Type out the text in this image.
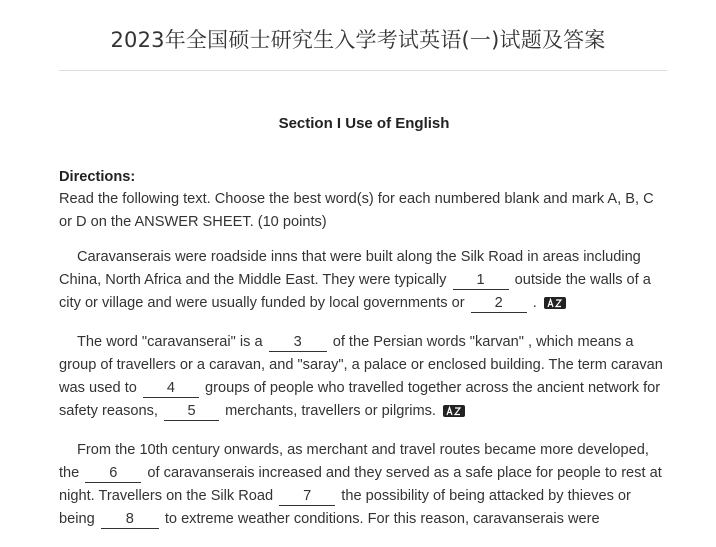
2023年全国硕士研究生入学考试英语(一)试题及答案
Section I Use of English
Directions:

Read the following text. Choose the best word(s) for each numbered blank and mark A, B, C or D on the ANSWER SHEET. (10 points)

Caravanserais were roadside inns that were built along the Silk Road in areas including China, North Africa and the Middle East. They were typically 1 outside the walls of a city or village and were usually funded by local governments or 2 .

The word "caravanserai" is a 3 of the Persian words "karvan" , which means a group of travellers or a caravan, and "saray", a palace or enclosed building. The term caravan was used to 4 groups of people who travelled together across the ancient network for safety reasons, 5 merchants, travellers or pilgrims.

From the 10th century onwards, as merchant and travel routes became more developed, the 6 of caravanserais increased and they served as a safe place for people to rest at night. Travellers on the Silk Road 7 the possibility of being attacked by thieves or being 8 to extreme weather conditions. For this reason, caravanserais were
